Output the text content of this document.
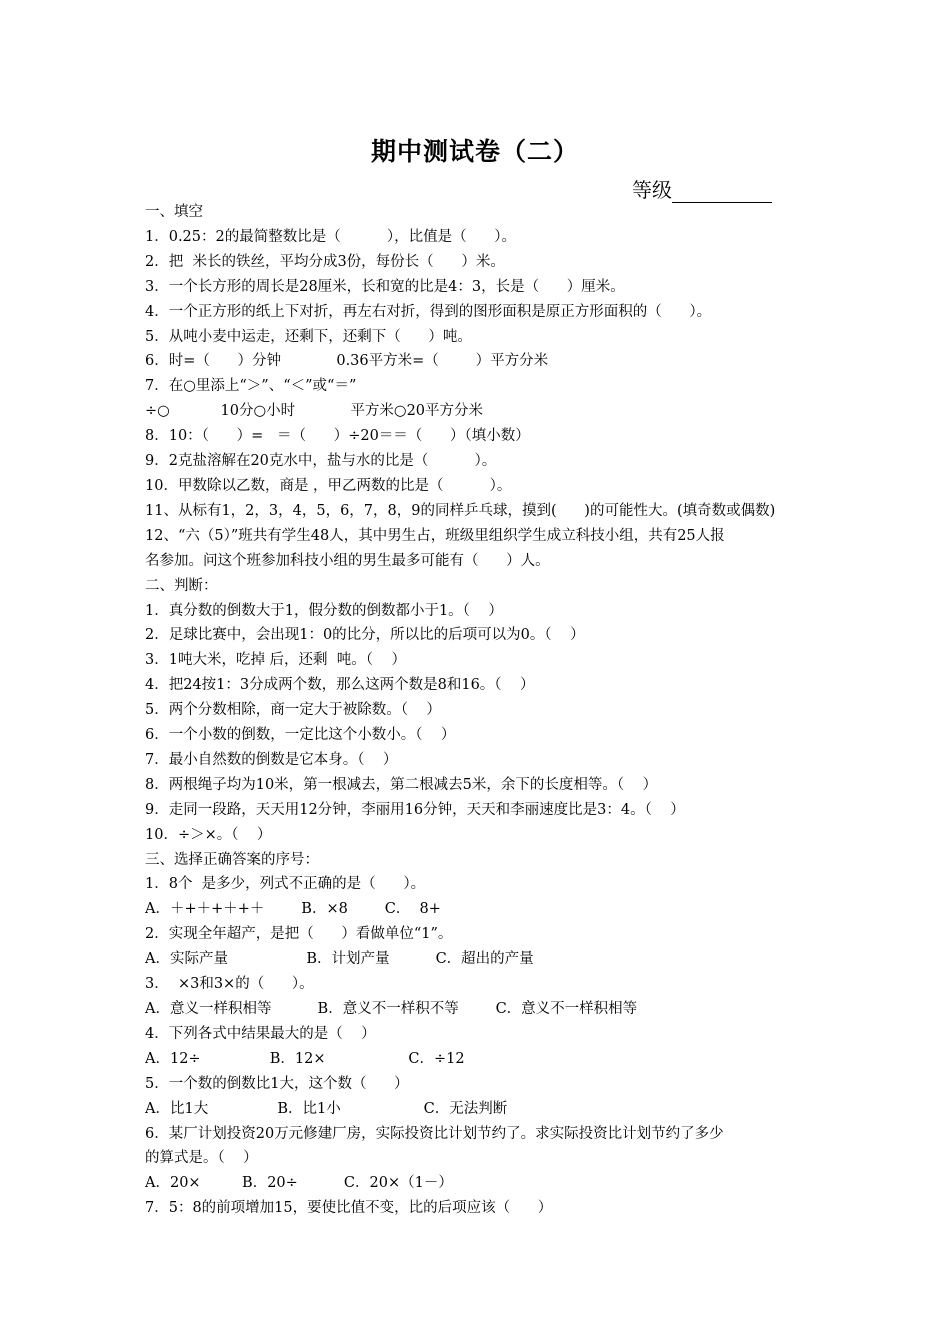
期中测试卷（二）
等级
一、填空
1．0.25：2的最简整数比是（          ），比值是（      ）。
2．把  米长的铁丝，平均分成3份，每份长（      ）米。
3．一个长方形的周长是28厘米，长和宽的比是4：3，长是（      ）厘米。
4．一个正方形的纸上下对折，再左右对折，得到的图形面积是原正方形面积的（      ）。
5．从吨小麦中运走，还剩下，还剩下（      ）吨。
6．时=（      ）分钟            0.36平方米=（        ）平方分米
7．在○里添上“＞”、“＜”或“＝”
÷○           10分○小时            平方米○20平方分米
8．10：（      ）=   ＝（      ）÷20＝＝（      ）（填小数）
9．2克盐溶解在20克水中，盐与水的比是（          ）。
10．甲数除以乙数，商是 ，甲乙两数的比是（          ）。
11、从标有1，2，3，4，5，6，7，8，9的同样乒乓球，摸到(      )的可能性大。(填奇数或偶数)
12、“六（5）”班共有学生48人，其中男生占，班级里组织学生成立科技小组，共有25人报
名参加。问这个班参加科技小组的男生最多可能有（      ）人。
二、判断：
1．真分数的倒数大于1，假分数的倒数都小于1。（    ）
2．足球比赛中，会出现1：0的比分，所以比的后项可以为0。（    ）
3．1吨大米，吃掉 后，还剩  吨。（    ）
4．把24按1：3分成两个数，那么这两个数是8和16。（    ）
5．两个分数相除，商一定大于被除数。（    ）
6．一个小数的倒数，一定比这个小数小。（    ）
7．最小自然数的倒数是它本身。（    ）
8．两根绳子均为10米，第一根减去，第二根减去5米，余下的长度相等。（    ）
9．走同一段路，天天用12分钟，李丽用16分钟，天天和李丽速度比是3：4。（    ）
10．÷＞×。（    ）
三、选择正确答案的序号：
1．8个  是多少，列式不正确的是（      ）。
A．＋+＋+＋+＋        B．×8        C．  8+
2．实现全年超产，是把（      ）看做单位“1”。
A．实际产量                 B．计划产量          C．超出的产量
3．  ×3和3×的（      ）。
A．意义一样积相等          B．意义不一样积不等        C．意义不一样积相等
4．下列各式中结果最大的是（    ）
A．12÷               B．12×                  C．÷12
5．一个数的倒数比1大，这个数（      ）
A．比1大               B．比1小                  C．无法判断
6．某厂计划投资20万元修建厂房，实际投资比计划节约了。求实际投资比计划节约了多少
的算式是。（    ）
A．20×         B．20÷          C．20×（1－）
7．5：8的前项增加15，要使比值不变，比的后项应该（      ）
